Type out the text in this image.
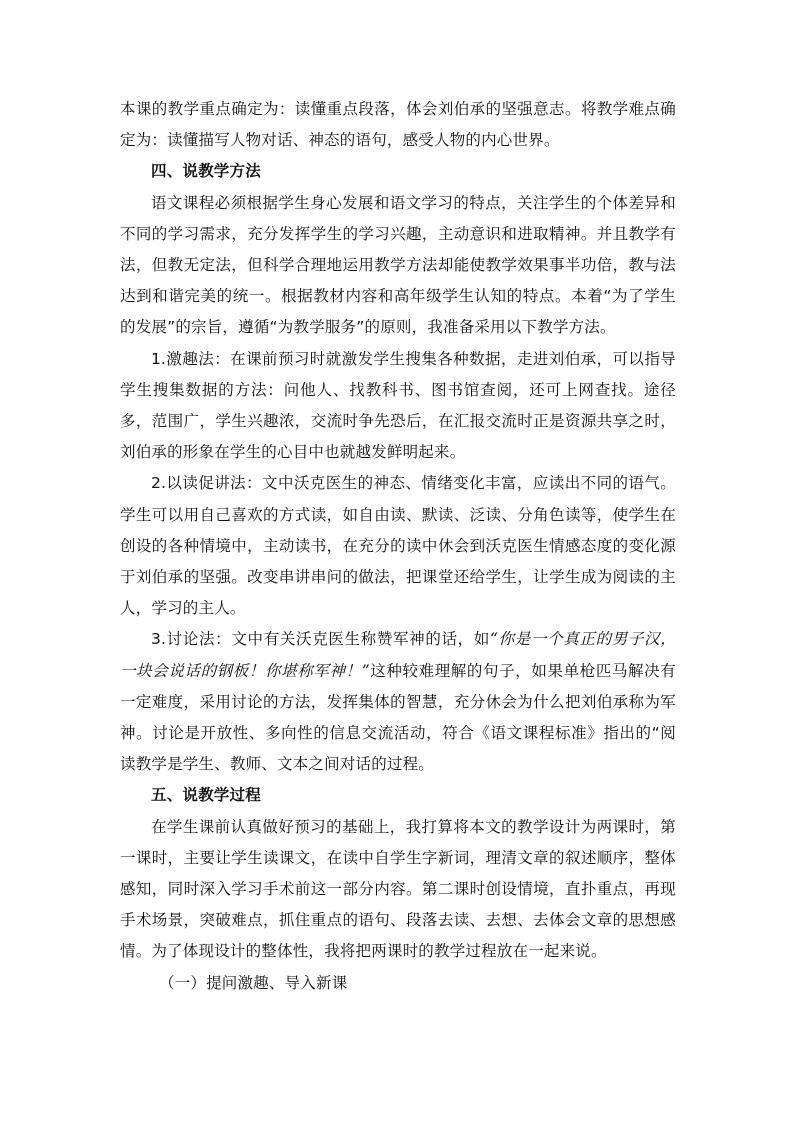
本课的教学重点确定为：读懂重点段落，体会刘伯承的坚强意志。将教学难点确定为：读懂描写人物对话、神态的语句，感受人物的内心世界。

四、说教学方法

语文课程必须根据学生身心发展和语文学习的特点，关注学生的个体差异和不同的学习需求，充分发挥学生的学习兴趣，主动意识和进取精神。并且教学有法，但教无定法，但科学合理地运用教学方法却能使教学效果事半功倍，教与法达到和谐完美的统一。根据教材内容和高年级学生认知的特点。本着“为了学生的发展”的宗旨，遵循“为教学服务”的原则，我准备采用以下教学方法。

1.激趣法：在课前预习时就激发学生搜集各种数据，走进刘伯承，可以指导学生搜集数据的方法：问他人、找教科书、图书馆查阅，还可上网查找。途径多，范围广，学生兴趣浓，交流时争先恐后，在汇报交流时正是资源共享之时，刘伯承的形象在学生的心目中也就越发鲜明起来。

2.以读促讲法：文中沃克医生的神态、情绪变化丰富，应读出不同的语气。学生可以用自己喜欢的方式读，如自由读、默读、泛读、分角色读等，使学生在创设的各种情境中，主动读书，在充分的读中休会到沃克医生情感态度的变化源于刘伯承的坚强。改变串讲串问的做法，把课堂还给学生，让学生成为阅读的主人，学习的主人。

3.讨论法：文中有关沃克医生称赞军神的话，如“你是一个真正的男子汉，一块会说话的钢板！你堪称军神！”这种较难理解的句子，如果单枪匹马解决有一定难度，采用讨论的方法，发挥集体的智慧，充分休会为什么把刘伯承称为军神。讨论是开放性、多向性的信息交流活动，符合《语文课程标准》指出的“阅读教学是学生、教师、文本之间对话的过程。

五、说教学过程

在学生课前认真做好预习的基础上，我打算将本文的教学设计为两课时，第一课时，主要让学生读课文，在读中自学生字新词，理清文章的叙述顺序，整体感知，同时深入学习手术前这一部分内容。第二课时创设情境，直扑重点，再现手术场景，突破难点，抓住重点的语句、段落去读、去想、去体会文章的思想感情。为了体现设计的整体性，我将把两课时的教学过程放在一起来说。

（一）提问激趣、导入新课
